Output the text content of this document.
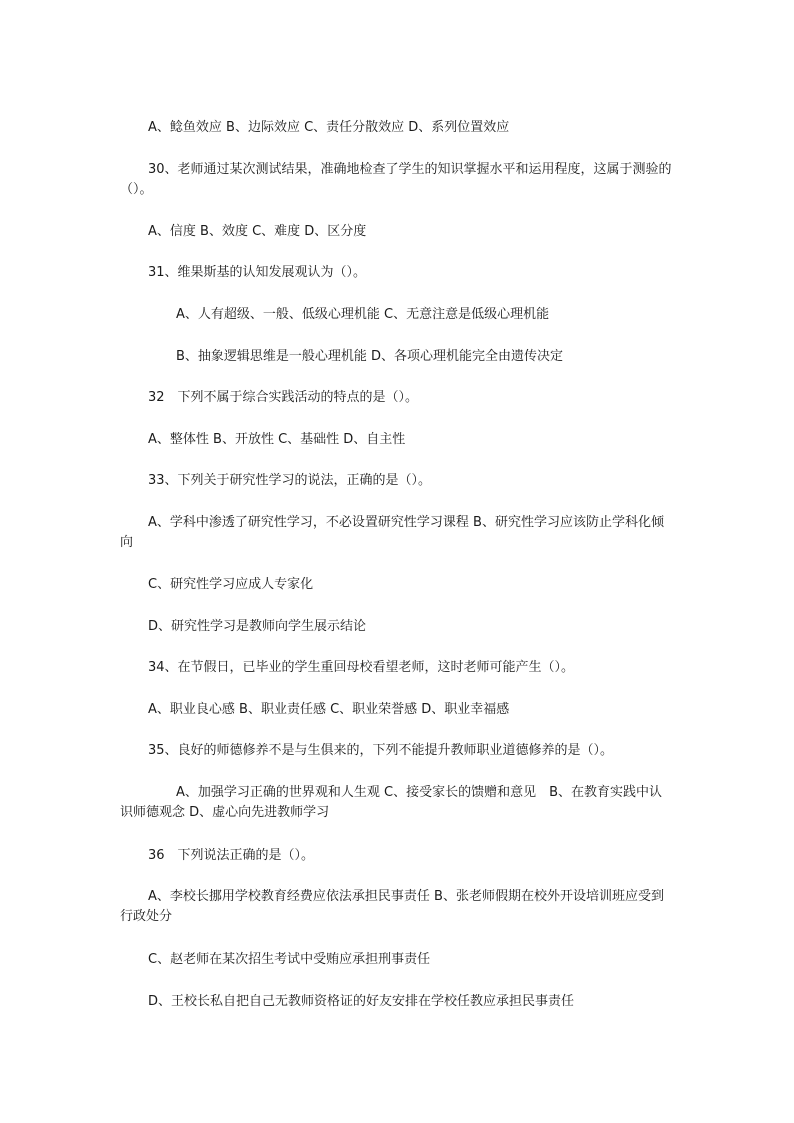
A、鲶鱼效应 B、边际效应 C、责任分散效应 D、系列位置效应

30、老师通过某次测试结果，准确地检查了学生的知识掌握水平和运用程度，这属于测验的（）。

A、信度 B、效度 C、难度 D、区分度

31、维果斯基的认知发展观认为（）。

A、人有超级、一般、低级心理机能 C、无意注意是低级心理机能

B、抽象逻辑思维是一般心理机能 D、各项心理机能完全由遗传决定

32　下列不属于综合实践活动的特点的是（）。

A、整体性 B、开放性 C、基础性 D、自主性

33、下列关于研究性学习的说法，正确的是（）。

A、学科中渗透了研究性学习，不必设置研究性学习课程 B、研究性学习应该防止学科化倾向

C、研究性学习应成人专家化

D、研究性学习是教师向学生展示结论

34、在节假日，已毕业的学生重回母校看望老师，这时老师可能产生（）。

A、职业良心感 B、职业责任感 C、职业荣誉感 D、职业幸福感

35、良好的师德修养不是与生俱来的，下列不能提升教师职业道德修养的是（）。

A、加强学习正确的世界观和人生观 C、接受家长的馈赠和意见　B、在教育实践中认识师德观念 D、虚心向先进教师学习

36　下列说法正确的是（）。

A、李校长挪用学校教育经费应依法承担民事责任 B、张老师假期在校外开设培训班应受到行政处分

C、赵老师在某次招生考试中受贿应承担刑事责任

D、王校长私自把自己无教师资格证的好友安排在学校任教应承担民事责任
